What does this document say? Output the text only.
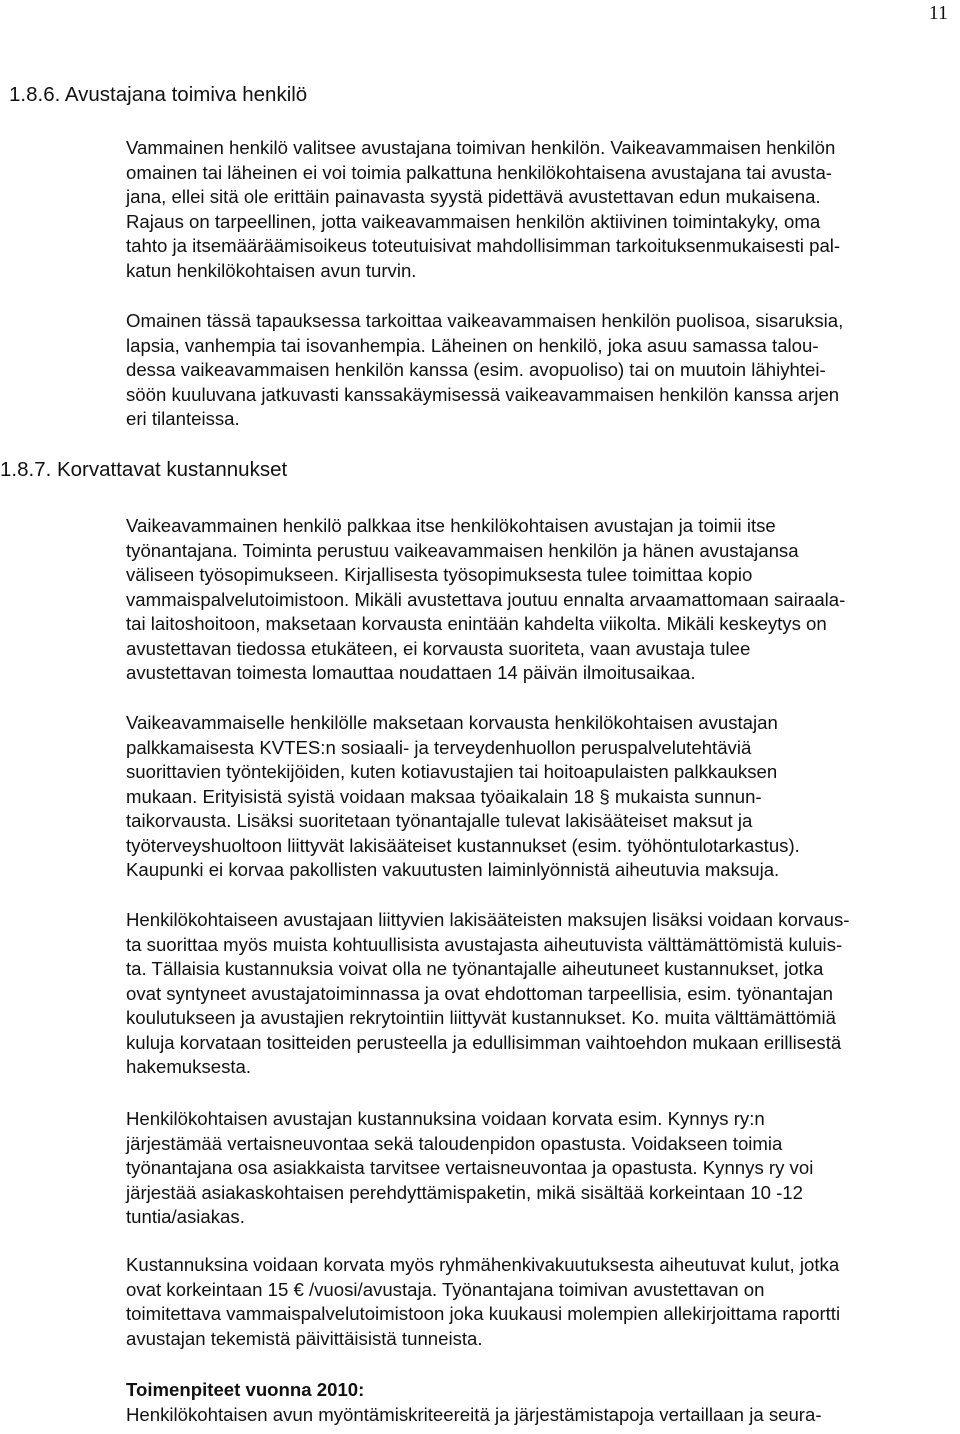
11
1.8.6. Avustajana toimiva henkilö
Vammainen henkilö valitsee avustajana toimivan henkilön. Vaikeavammaisen henkilön
omainen tai läheinen ei voi toimia palkattuna henkilökohtaisena avustajana tai avusta-
jana, ellei sitä ole erittäin painavasta syystä pidettävä avustettavan edun mukaisena.
Rajaus on tarpeellinen, jotta vaikeavammaisen henkilön aktiivinen toimintakyky, oma
tahto ja itsemääräämisoikeus toteutuisivat mahdollisimman tarkoituksenmukaisesti pal-
katun henkilökohtaisen avun turvin.
Omainen tässä tapauksessa tarkoittaa vaikeavammaisen henkilön puolisoa, sisaruksia,
lapsia, vanhempia tai isovanhempia. Läheinen on henkilö, joka asuu samassa talou-
dessa vaikeavammaisen henkilön kanssa (esim. avopuoliso) tai on muutoin lähiyhtei-
söön kuuluvana jatkuvasti kanssakäymisessä vaikeavammaisen henkilön kanssa arjen
eri tilanteissa.
1.8.7. Korvattavat kustannukset
Vaikeavammainen henkilö palkkaa itse henkilökohtaisen avustajan ja toimii itse
työnantajana. Toiminta perustuu vaikeavammaisen henkilön ja hänen avustajansa
väliseen työsopimukseen. Kirjallisesta työsopimuksesta tulee toimittaa kopio
vammaispalvelutoimistoon. Mikäli avustettava joutuu ennalta arvaamattomaan sairaala-
tai laitoshoitoon, maksetaan korvausta enintään kahdelta viikolta. Mikäli keskeytys on
avustettavan tiedossa etukäteen, ei korvausta suoriteta, vaan avustaja tulee
avustettavan toimesta lomauttaa noudattaen 14 päivän ilmoitusaikaa.
Vaikeavammaiselle henkilölle maksetaan korvausta henkilökohtaisen avustajan
palkkamaisesta KVTES:n sosiaali- ja terveydenhuollon peruspalvelutehtäviä
suorittavien työntekijöiden, kuten kotiavustajien tai hoitoapulaisten palkkauksen
mukaan. Erityisistä syistä voidaan maksaa työaikalain 18 § mukaista sunnun-
taikorvausta. Lisäksi suoritetaan työnantajalle tulevat lakisääteiset maksut ja
työterveyshuoltoon liittyvät lakisääteiset kustannukset (esim. työhöntulotarkastus).
Kaupunki ei korvaa pakollisten vakuutusten laiminlyönnistä aiheutuvia maksuja.
Henkilökohtaiseen avustajaan liittyvien lakisääteisten maksujen lisäksi voidaan korvaus-
ta suorittaa myös muista kohtuullisista avustajasta aiheutuvista välttämättömistä kuluis-
ta. Tällaisia kustannuksia voivat olla ne työnantajalle aiheutuneet kustannukset, jotka
ovat syntyneet avustajatoiminnassa ja ovat ehdottoman tarpeellisia, esim. työnantajan
koulutukseen ja avustajien rekrytointiin liittyvät kustannukset. Ko. muita välttämättömiä
kuluja korvataan tositteiden perusteella ja edullisimman vaihtoehdon mukaan erillisestä
hakemuksesta.
Henkilökohtaisen avustajan kustannuksina voidaan korvata esim. Kynnys ry:n
järjestämää vertaisneuvontaa sekä taloudenpidon opastusta. Voidakseen toimia
työnantajana osa asiakkaista tarvitsee vertaisneuvontaa ja opastusta. Kynnys ry voi
järjestää asiakaskohtaisen perehdyttämispaketin, mikä sisältää korkeintaan 10 -12
tuntia/asiakas.
Kustannuksina voidaan korvata myös ryhmähenkivakuutuksesta aiheutuvat kulut, jotka
ovat korkeintaan 15 € /vuosi/avustaja. Työnantajana toimivan avustettavan on
toimitettava vammaispalvelutoimistoon joka kuukausi molempien allekirjoittama raportti
avustajan tekemistä päivittäisistä tunneista.
Toimenpiteet vuonna 2010:
Henkilökohtaisen avun myöntämiskriteereitä ja järjestämistapoja vertaillaan ja seura-
